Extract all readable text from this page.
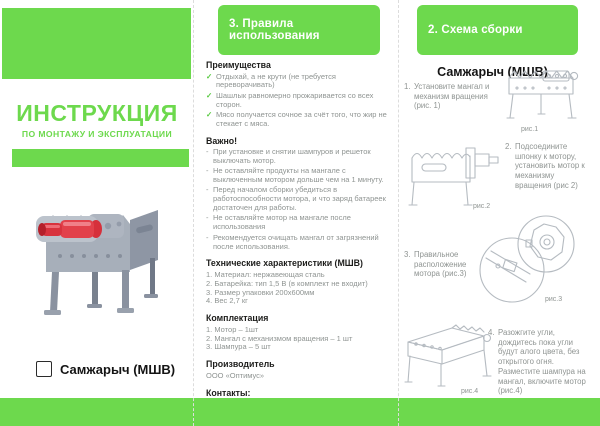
ИНСТРУКЦИЯ
ПО МОНТАЖУ И ЭКСПЛУАТАЦИИ
Самжарыч (МШВ)
3. Правила использования
Преимущества
✓ Отдыхай, а не крути (не требуется переворачивать)
✓ Шашлык равномерно прожаривается со всех сторон.
✓ Мясо получается сочное за счёт того, что жир не стекает с мяса.
Важно!
- При установке и снятии шампуров и решеток выключать мотор.
- Не оставляйте продукты на мангале с выключенным мотором дольше чем на 1 минуту.
- Перед началом сборки убедиться в работоспособности мотора, и что заряд батареек достаточен для работы.
- Не оставляйте мотор на мангале после использования
- Рекомендуется очищать мангал от загрязнений после использования.
Технические характеристики (МШВ)
1. Материал: нержавеющая сталь
2. Батарейка: тип 1,5 В (в комплект не входит)
3. Размер упаковки 200х600мм
4. Вес 2,7 кг
Комплектация
1. Мотор – 1шт
2. Мангал с механизмом вращения – 1 шт
3. Шампура – 5 шт
Производитель
ООО «Оптимус»
Контакты:
2. Схема сборки
Самжарыч (МШВ)
1. Установите мангал и механизм вращения (рис. 1)
рис.1
2. Подсоедините шпонку к мотору, установить мотор к механизму вращения (рис 2)
рис.2
3. Правильное расположение мотора (рис.3)
рис.3
4. Разожгите угли, дождитесь пока угли будут алого цвета, без открытого огня. Разместите шампура на мангал, включите мотор (рис.4)
рис.4
